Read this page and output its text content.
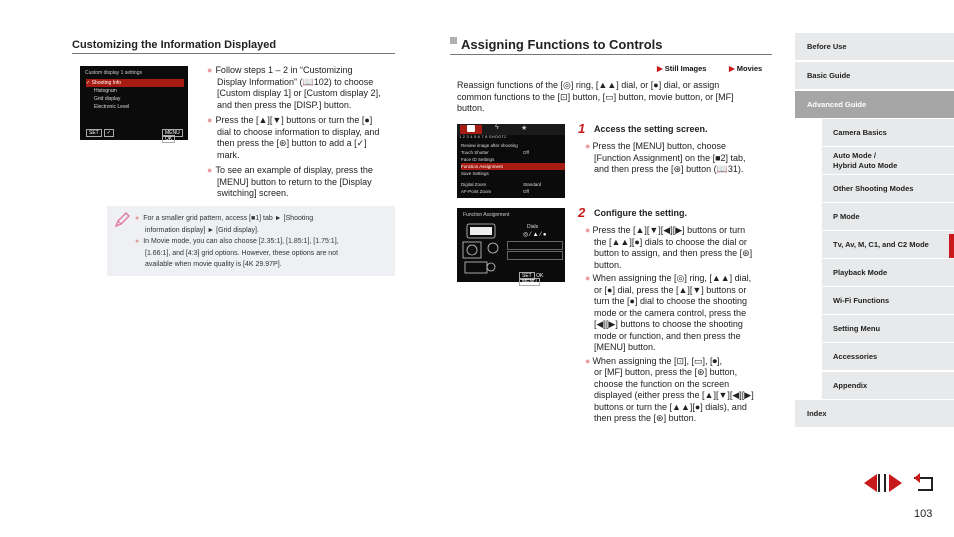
Customizing the Information Displayed
Custom display 1 settings
✓ Shooting Info
Histogram
Grid display
Electronic Level
SET ✓	MENU OK
● Follow steps 1 – 2 in “Customizing
Display Information” (📖102) to choose
[Custom display 1] or [Custom display 2],
and then press the [DISP.] button.
● Press the [▲][▼] buttons or turn the [●]
dial to choose information to display, and
then press the [⊛] button to add a [✓]
mark.
● To see an example of display, press the
[MENU] button to return to the [Display
switching] screen.
● For a smaller grid pattern, access [■1] tab ► [Shooting
information display] ► [Grid display].
● In Movie mode, you can also choose [2.35:1], [1.85:1], [1.75:1],
[1.66:1], and [4:3] grid options. However, these options are not
available when movie quality is [4K 29.97P].
Assigning Functions to Controls
▶ Still Images	▶ Movies
Reassign functions of the [◎] ring, [▲▲] dial, or [●] dial, or assign
common functions to the [⊡] button, [▭] button, movie button, or [MF]
button.
ϟ	★
1 2 3 4 5 6 7 8 SHOOT2
Review image after shooting
Touch Shutter	Off
Face ID Settings
Function Assignment
Save Settings
Digital Zoom	Standard
AF-Point Zoom	Off
Function Assignment
Dials
◎ ⁄ ▲ ⁄ ●
SET OK MENU
1 Access the setting screen.
● Press the [MENU] button, choose
[Function Assignment] on the [■2] tab,
and then press the [⊛] button (📖31).
2 Configure the setting.
● Press the [▲][▼][◀][▶] buttons or turn
the [▲▲][●] dials to choose the dial or
button to assign, and then press the [⊛]
button.
● When assigning the [◎] ring, [▲▲] dial,
or [●] dial, press the [▲][▼] buttons or
turn the [●] dial to choose the shooting
mode or the camera control, press the
[◀][▶] buttons to choose the shooting
mode or function, and then press the
[MENU] button.
● When assigning the [⊡], [▭], [⏺],
or [MF] button, press the [⊛] button,
choose the function on the screen
displayed (either press the [▲][▼][◀][▶]
buttons or turn the [▲▲][●] dials), and
then press the [⊛] button.
Before Use
Basic Guide
Advanced Guide
Camera Basics
Auto Mode /
Hybrid Auto Mode
Other Shooting Modes
P Mode
Tv, Av, M, C1, and C2 Mode
Playback Mode
Wi-Fi Functions
Setting Menu
Accessories
Appendix
Index
103
